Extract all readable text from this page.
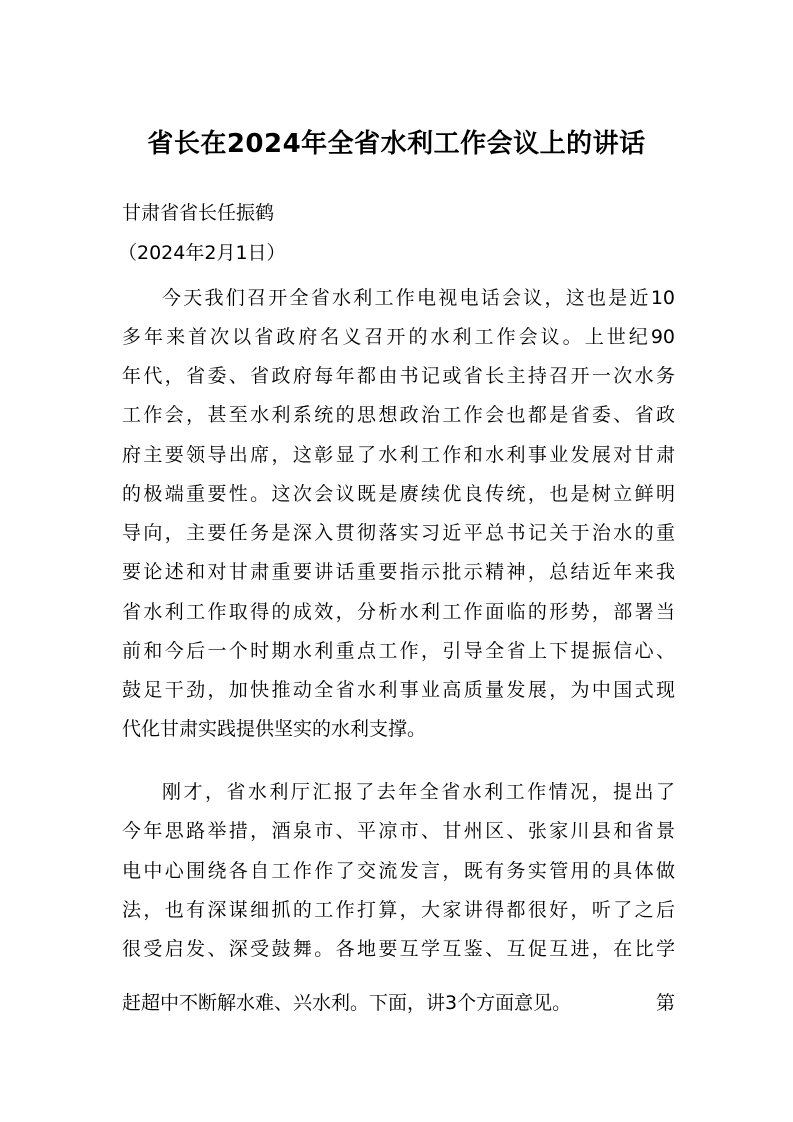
省长在2024年全省水利工作会议上的讲话
甘肃省省长任振鹤
（2024年2月1日）
今天我们召开全省水利工作电视电话会议，这也是近10
多年来首次以省政府名义召开的水利工作会议。上世纪90
年代，省委、省政府每年都由书记或省长主持召开一次水务
工作会，甚至水利系统的思想政治工作会也都是省委、省政
府主要领导出席，这彰显了水利工作和水利事业发展对甘肃
的极端重要性。这次会议既是赓续优良传统，也是树立鲜明
导向，主要任务是深入贯彻落实习近平总书记关于治水的重
要论述和对甘肃重要讲话重要指示批示精神，总结近年来我
省水利工作取得的成效，分析水利工作面临的形势，部署当
前和今后一个时期水利重点工作，引导全省上下提振信心、
鼓足干劲，加快推动全省水利事业高质量发展，为中国式现
代化甘肃实践提供坚实的水利支撑。
刚才，省水利厅汇报了去年全省水利工作情况，提出了
今年思路举措，酒泉市、平凉市、甘州区、张家川县和省景
电中心围绕各自工作作了交流发言，既有务实管用的具体做
法，也有深谋细抓的工作打算，大家讲得都很好，听了之后
很受启发、深受鼓舞。各地要互学互鉴、互促互进，在比学
赶超中不断解水难、兴水利。下面，讲3个方面意见。	第
